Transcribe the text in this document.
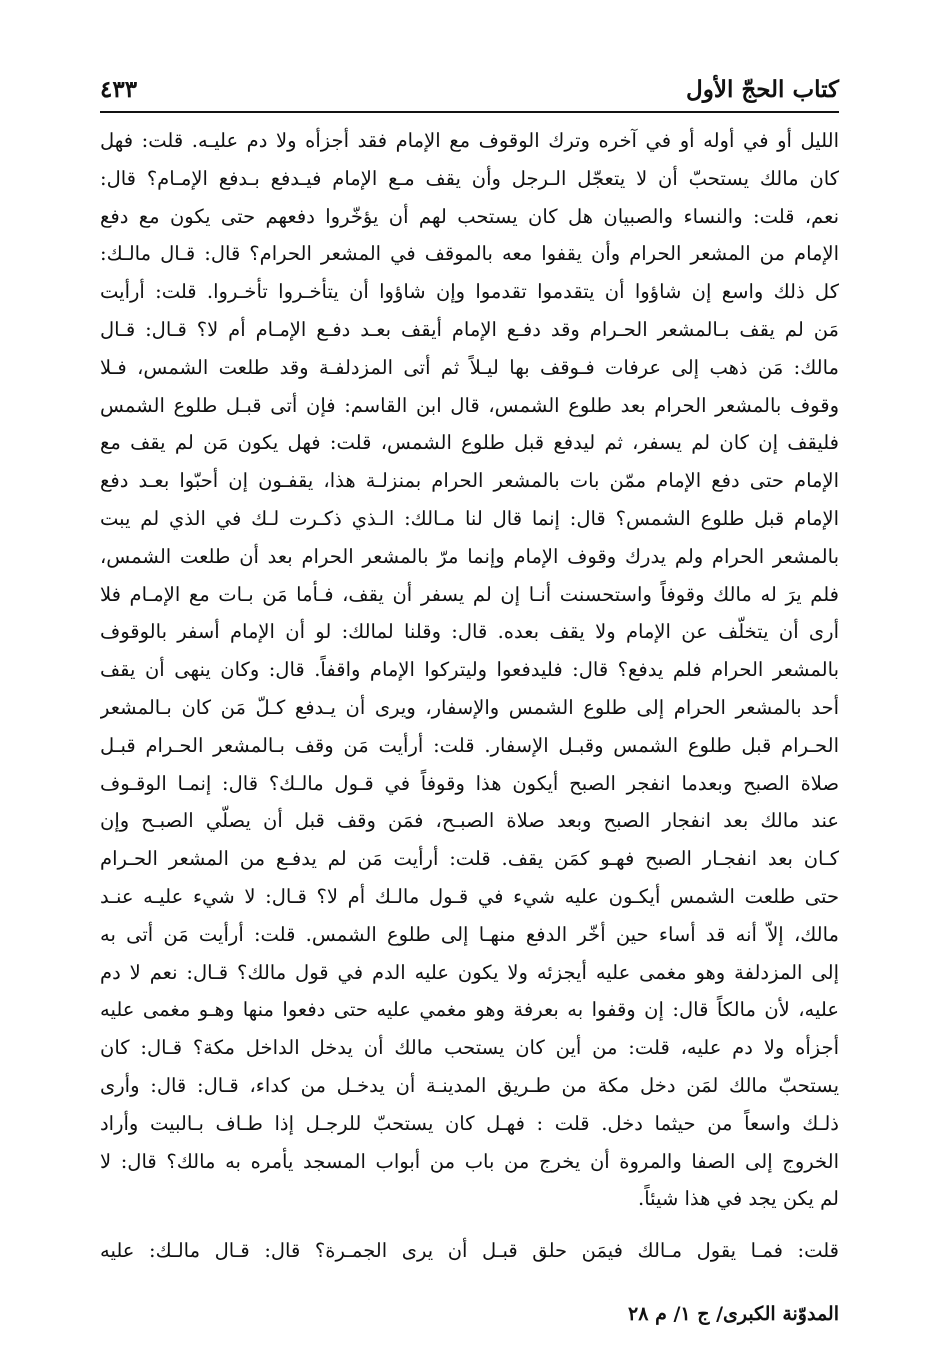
كتاب الحجّ الأول
٤٣٣
الليل أو في أوله أو في آخره وترك الوقوف مع الإمام فقد أجزأه ولا دم عليـه. قلت: فهل
كان مالك يستحبّ أن لا يتعجّل الـرجل وأن يقف مـع الإمام فيـدفع بـدفع الإمـام؟ قال:
نعم، قلت: والنساء والصبيان هل كان يستحب لهم أن يؤخّروا دفعهم حتى يكون مع دفع
الإمام من المشعر الحرام وأن يقفوا معه بالموقف في المشعر الحرام؟ قال: قـال مالـك:
كل ذلك واسع إن شاؤوا أن يتقدموا تقدموا وإن شاؤوا أن يتأخـروا تأخـروا. قلت: أرأيت
مَن لم يقف بـالمشعر الحـرام وقد دفـع الإمام أيقف بعـد دفـع الإمـام أم لا؟ قـال: قـال
مالك: مَن ذهب إلى عرفات فـوقف بها ليـلاً ثم أتى المزدلفـة وقد طلعت الشمس، فـلا
وقوف بالمشعر الحرام بعد طلوع الشمس، قال ابن القاسم: فإن أتى قبـل طلوع الشمس
فليقف إن كان لم يسفر، ثم ليدفع قبل طلوع الشمس، قلت: فهل يكون مَن لم يقف مع
الإمام حتى دفع الإمام ممّن بات بالمشعر الحرام بمنزلـة هذا، يقفـون إن أحبّوا بعـد دفع
الإمام قبل طلوع الشمس؟ قال: إنما قال لنا مـالك: الـذي ذكـرت لـك في الذي لم يبت
بالمشعر الحرام ولم يدرك وقوف الإمام وإنما مرّ بالمشعر الحرام بعد أن طلعت الشمس،
فلم يرَ له مالك وقوفاً واستحسنت أنـا إن لم يسفر أن يقف، فـأما مَن بـات مع الإمـام فلا
أرى أن يتخلّف عن الإمام ولا يقف بعده. قال: وقلنا لمالك: لو أن الإمام أسفر بالوقوف
بالمشعر الحرام فلم يدفع؟ قال: فليدفعوا وليتركوا الإمام واقفاً. قال: وكان ينهى أن يقف
أحد بالمشعر الحرام إلى طلوع الشمس والإسفار، ويرى أن يـدفع كـلّ مَن كان بـالمشعر
الحـرام قبل طلوع الشمس وقبـل الإسفار. قلت: أرأيت مَن وقف بـالمشعر الحـرام قبـل
صلاة الصبح وبعدما انفجر الصبح أيكون هذا وقوفاً في قـول مالـك؟ قال: إنمـا الوقـوف
عند مالك بعد انفجار الصبح وبعد صلاة الصبـح، فمَن وقف قبل أن يصلّي الصبـح وإن
كـان بعد انفجـار الصبح فهـو كمَن يقف. قلت: أرأيت مَن لم يدفـع من المشعر الحـرام
حتى طلعت الشمس أيكـون عليه شيء في قـول مالـك أم لا؟ قـال: لا شيء عليـه عنـد
مالك، إلاّ أنه قد أساء حين أخّر الدفع منهـا إلى طلوع الشمس. قلت: أرأيت مَن أتى به
إلى المزدلفة وهو مغمى عليه أيجزئه ولا يكون عليه الدم في قول مالك؟ قـال: نعم لا دم
عليه، لأن مالكاً قال: إن وقفوا به بعرفة وهو مغمي عليه حتى دفعوا منها وهـو مغمى عليه
أجزأه ولا دم عليه، قلت: من أين كان يستحب مالك أن يدخل الداخل مكة؟ قـال: كان
يستحبّ مالك لمَن دخل مكة من طـريق المدينـة أن يدخـل من كداء، قـال: قال: وأرى
ذلـك واسعاً من حيثما دخل. قلت : فهـل كان يستحبّ للرجـل إذا طـاف بـالبيت وأراد
الخروج إلى الصفا والمروة أن يخرج من باب من أبواب المسجد يأمره به مالك؟ قال: لا
لم يكن يجد في هذا شيئاً.
قلت: فمـا يقول مـالك فيمَن حلق قبـل أن يرى الجمـرة؟ قال: قـال مالـك: عليه
المدوّنة الكبرى/ ج ١/ م ٢٨
